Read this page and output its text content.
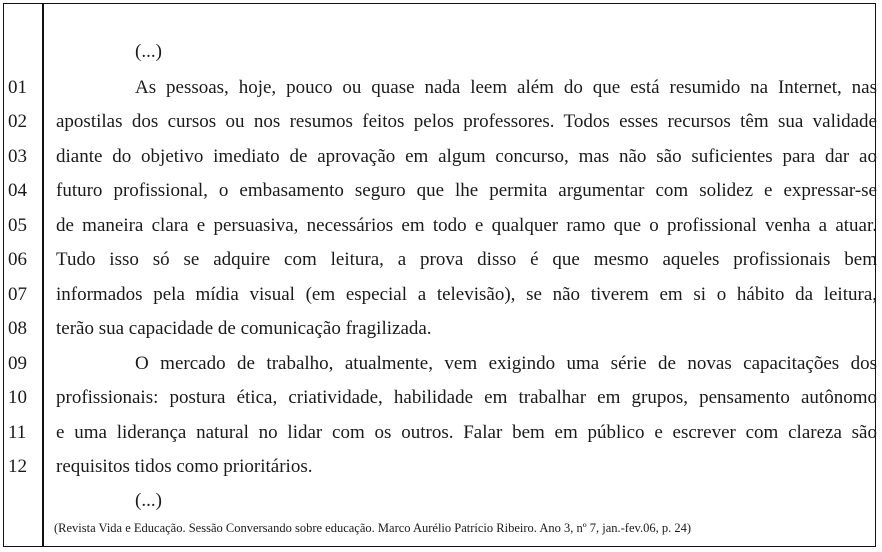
(...)
01	As pessoas, hoje, pouco ou quase nada leem além do que está resumido na Internet, nas
02	apostilas dos cursos ou nos resumos feitos pelos professores. Todos esses recursos têm sua validade
03	diante do objetivo imediato de aprovação em algum concurso, mas não são suficientes para dar ao
04	futuro profissional, o embasamento seguro que lhe permita argumentar com solidez e expressar-se
05	de maneira clara e persuasiva, necessários em todo e qualquer ramo que o profissional venha a atuar.
06	Tudo isso só se adquire com leitura, a prova disso é que mesmo aqueles profissionais bem
07	informados pela mídia visual (em especial a televisão), se não tiverem em si o hábito da leitura,
08	terão sua capacidade de comunicação fragilizada.
09	O mercado de trabalho, atualmente, vem exigindo uma série de novas capacitações dos
10	profissionais: postura ética, criatividade, habilidade em trabalhar em grupos, pensamento autônomo
11	e uma liderança natural no lidar com os outros. Falar bem em público e escrever com clareza são
12	requisitos tidos como prioritários.
(...)
(Revista Vida e Educação. Sessão Conversando sobre educação. Marco Aurélio Patrício Ribeiro. Ano 3, nº 7, jan.-fev.06, p. 24)
